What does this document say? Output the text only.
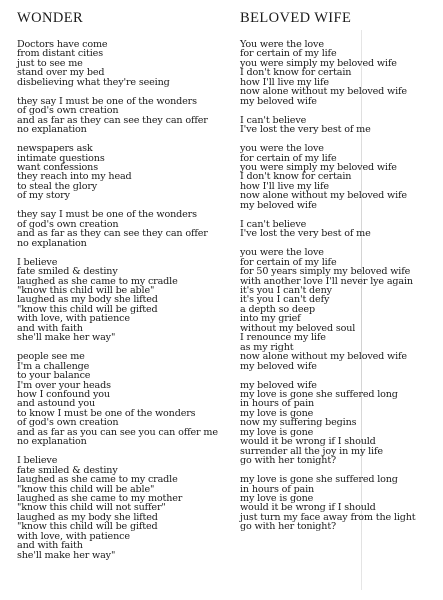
WONDER
Doctors have come
from distant cities
just to see me
stand over my bed
disbelieving what they're seeing
they say I must be one of the wonders
of god's own creation
and as far as they can see they can offer
no explanation
newspapers ask
intimate questions
want confessions
they reach into my head
to steal the glory
of my story
they say I must be one of the wonders
of god's own creation
and as far as they can see they can offer
no explanation
I believe
fate smiled & destiny
laughed as she came to my cradle
"know this child will be able"
laughed as my body she lifted
"know this child will be gifted
with love, with patience
and with faith
she'll make her way"
people see me
I'm a challenge
to your balance
I'm over your heads
how I confound you
and astound you
to know I must be one of the wonders
of god's own creation
and as far as you can see you can offer me
no explanation
I believe
fate smiled & destiny
laughed as she came to my cradle
"know this child will be able"
laughed as she came to my mother
"know this child will not suffer"
laughed as my body she lifted
"know this child will be gifted
with love, with patience
and with faith
she'll make her way"
BELOVED WIFE
You were the love
for certain of my life
you were simply my beloved wife
I don't know for certain
how I'll live my life
now alone without my beloved wife
my beloved wife
I can't believe
I've lost the very best of me
you were the love
for certain of my life
you were simply my beloved wife
I don't know for certain
how I'll live my life
now alone without my beloved wife
my beloved wife
I can't believe
I've lost the very best of me
you were the love
for certain of my life
for 50 years simply my beloved wife
with another love I'll never lye again
it's you I can't deny
it's you I can't defy
a depth so deep
into my grief
without my beloved soul
I renounce my life
as my right
now alone without my beloved wife
my beloved wife
my beloved wife
my love is gone she suffered long
in hours of pain
my love is gone
now my suffering begins
my love is gone
would it be wrong if I should
surrender all the joy in my life
go with her tonight?
my love is gone she suffered long
in hours of pain
my love is gone
would it be wrong if I should
just turn my face away from the light
go with her tonight?
